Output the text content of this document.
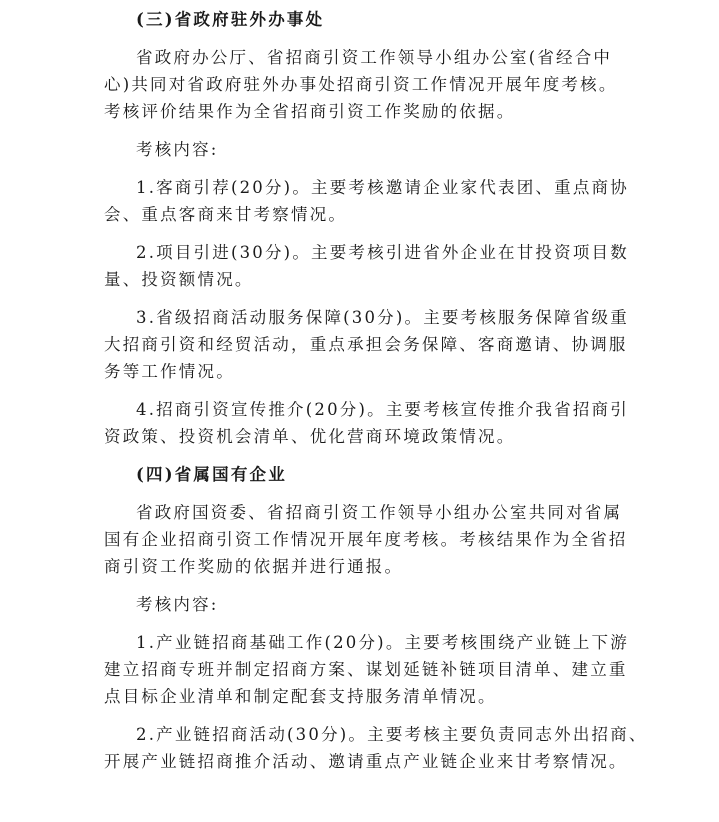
(三)省政府驻外办事处
省政府办公厅、省招商引资工作领导小组办公室(省经合中
心)共同对省政府驻外办事处招商引资工作情况开展年度考核。
考核评价结果作为全省招商引资工作奖励的依据。
考核内容:
1.客商引荐(20分)。主要考核邀请企业家代表团、重点商协
会、重点客商来甘考察情况。
2.项目引进(30分)。主要考核引进省外企业在甘投资项目数
量、投资额情况。
3.省级招商活动服务保障(30分)。主要考核服务保障省级重
大招商引资和经贸活动，重点承担会务保障、客商邀请、协调服
务等工作情况。
4.招商引资宣传推介(20分)。主要考核宣传推介我省招商引
资政策、投资机会清单、优化营商环境政策情况。
(四)省属国有企业
省政府国资委、省招商引资工作领导小组办公室共同对省属
国有企业招商引资工作情况开展年度考核。考核结果作为全省招
商引资工作奖励的依据并进行通报。
考核内容:
1.产业链招商基础工作(20分)。主要考核围绕产业链上下游
建立招商专班并制定招商方案、谋划延链补链项目清单、建立重
点目标企业清单和制定配套支持服务清单情况。
2.产业链招商活动(30分)。主要考核主要负责同志外出招商、
开展产业链招商推介活动、邀请重点产业链企业来甘考察情况。
